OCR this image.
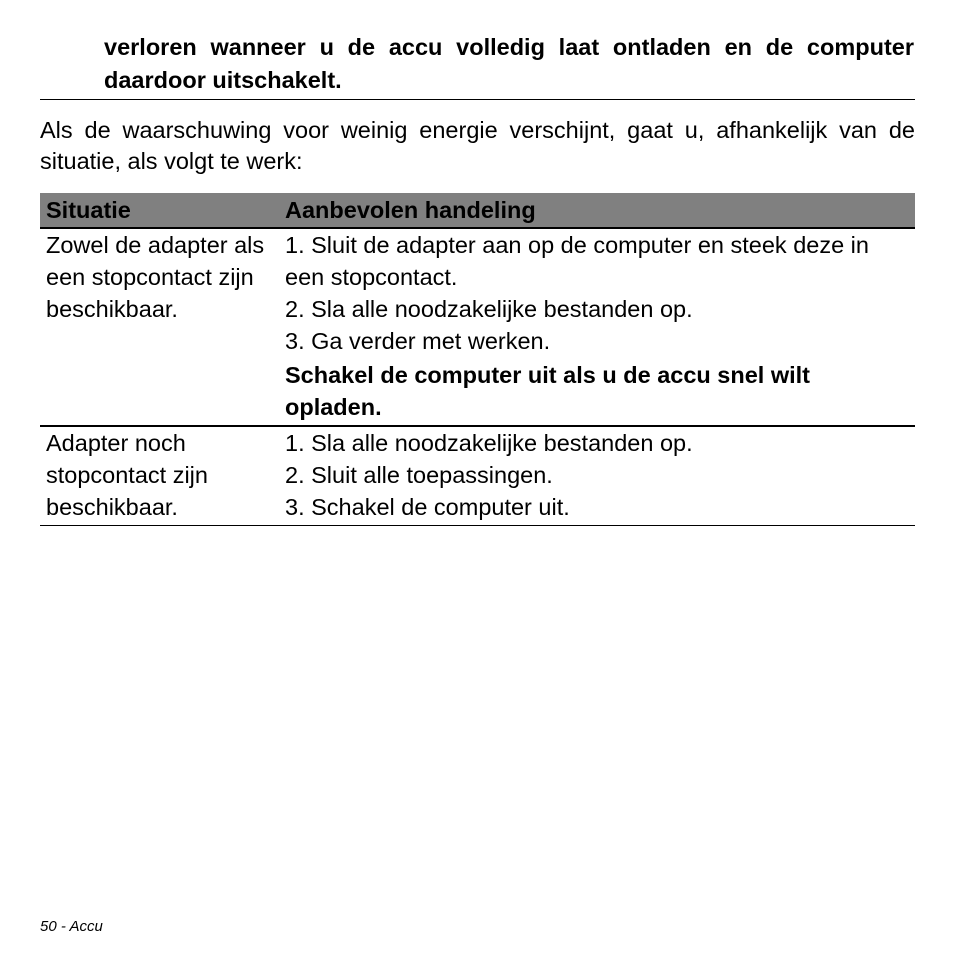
verloren wanneer u de accu volledig laat ontladen en de computer daardoor uitschakelt.
Als de waarschuwing voor weinig energie verschijnt, gaat u, afhankelijk van de situatie, als volgt te werk:
Situatie	Aanbevolen handeling
Zowel de adapter als een stopcontact zijn beschikbaar.	1. Sluit de adapter aan op de computer en steek deze in een stopcontact.
2. Sla alle noodzakelijke bestanden op.
3. Ga verder met werken.
Schakel de computer uit als u de accu snel wilt opladen.

Adapter noch stopcontact zijn beschikbaar.	1. Sla alle noodzakelijke bestanden op.
2. Sluit alle toepassingen.
3. Schakel de computer uit.
50 - Accu
